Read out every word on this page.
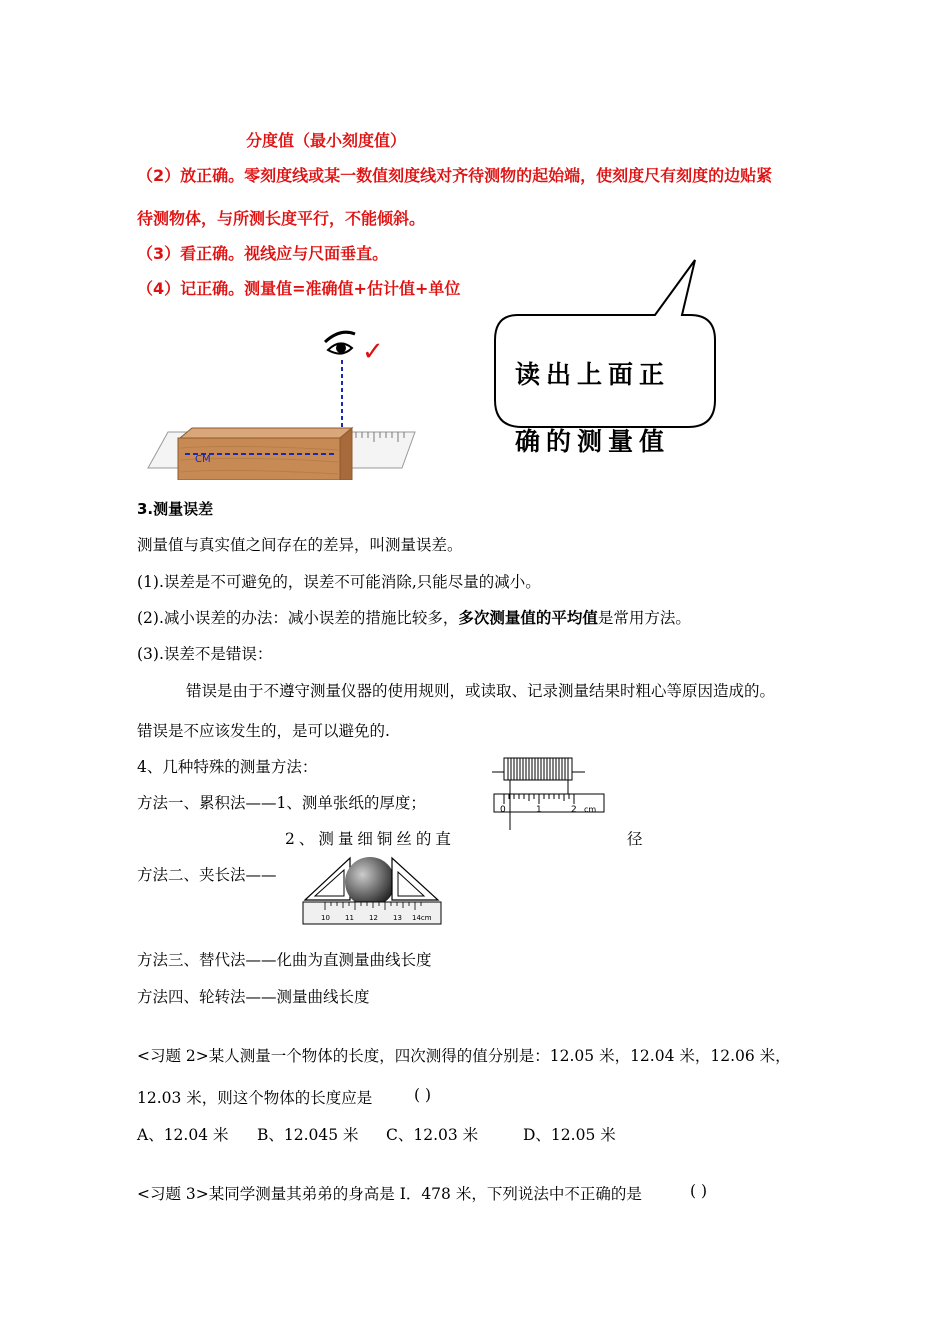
分度值（最小刻度值）
（2）放正确。零刻度线或某一数值刻度线对齐待测物的起始端，使刻度尺有刻度的边贴紧
待测物体，与所测长度平行，不能倾斜。
（3）看正确。视线应与尺面垂直。
（4）记正确。测量值=准确值+估计值+单位
✓
CM
读出上面正
确的测量值
3.测量误差
测量值与真实值之间存在的差异，叫测量误差。
(1).误差是不可避免的，误差不可能消除,只能尽量的减小。
(2).减小误差的办法：减小误差的措施比较多，多次测量值的平均值是常用方法。
(3).误差不是错误：
错误是由于不遵守测量仪器的使用规则，或读取、记录测量结果时粗心等原因造成的。
错误是不应该发生的，是可以避免的.
4、几种特殊的测量方法：
方法一、累积法——1、测单张纸的厚度；
2、测量细铜丝的直	径
0	1	2 cm
方法二、夹长法——
10 11 12 13 14cm
方法三、替代法——化曲为直测量曲线长度
方法四、轮转法——测量曲线长度
<习题 2>某人测量一个物体的长度，四次测得的值分别是：12.05 米，12.04 米，12.06 米，
12.03 米，则这个物体的长度应是	( )
A、12.04 米 B、12.045 米 C、12.03 米	D、12.05 米
<习题 3>某同学测量其弟弟的身高是 I．478 米，下列说法中不正确的是	( )
